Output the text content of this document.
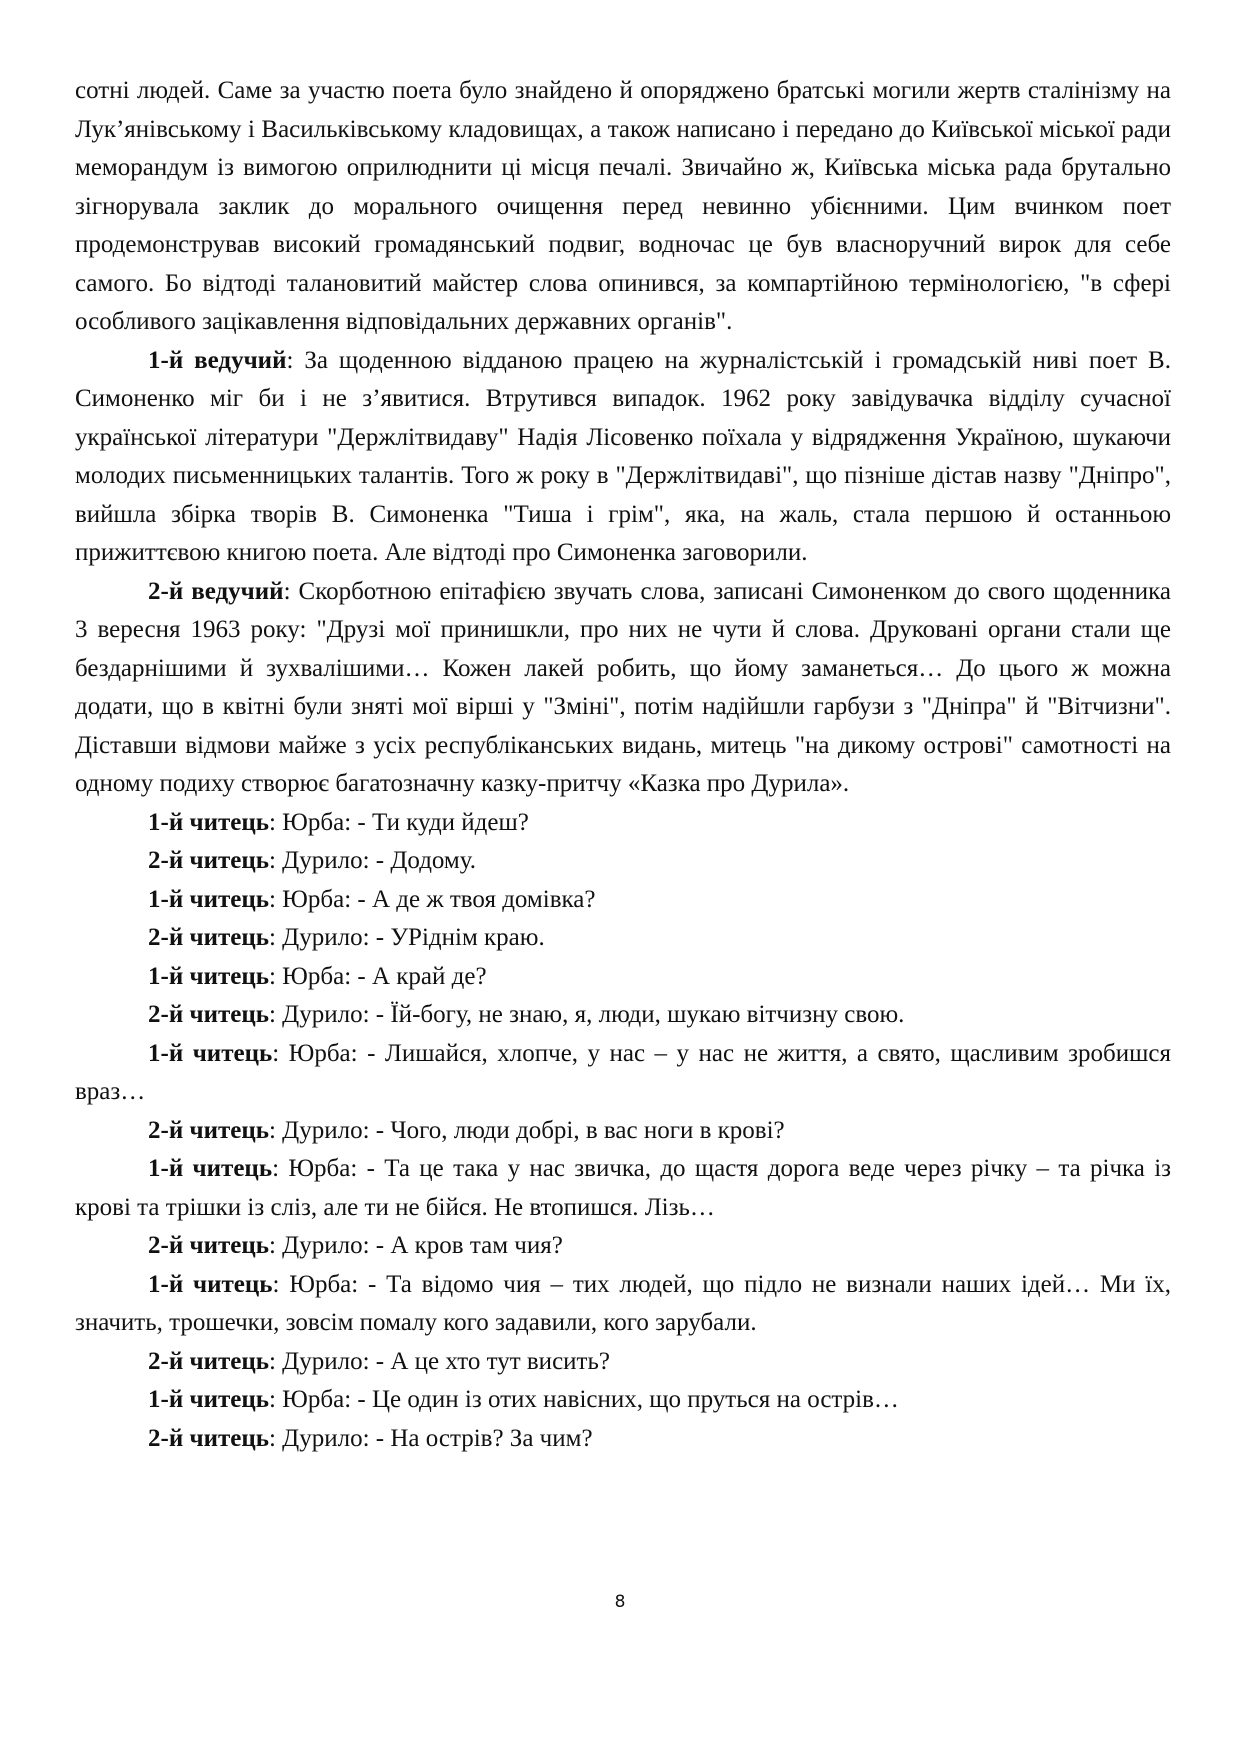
сотні людей. Саме за участю поета було знайдено й опоряджено братські могили жертв сталінізму на Лук’янівському і Васильківському кладовищах, а також написано і передано до Київської міської ради меморандум із вимогою оприлюднити ці місця печалі. Звичайно ж, Київська міська рада брутально зігнорувала заклик до морального очищення перед невинно убієнними. Цим вчинком поет продемонстрував високий громадянський подвиг, водночас це був власноручний вирок для себе самого. Бо відтоді талановитий майстер слова опинився, за компартійною термінологією, "в сфері особливого зацікавлення відповідальних державних органів".

1-й ведучий: За щоденною відданою працею на журналістській і громадській ниві поет В. Симоненко міг би і не з’явитися. Втрутився випадок. 1962 року завідувачка відділу сучасної української літератури "Держлітвидаву" Надія Лісовенко поїхала у відрядження Україною, шукаючи молодих письменницьких талантів. Того ж року в "Держлітвидаві", що пізніше дістав назву "Дніпро", вийшла збірка творів В. Симоненка "Тиша і грім", яка, на жаль, стала першою й останньою прижиттєвою книгою поета. Але відтоді про Симоненка заговорили.

2-й ведучий: Скорботною епітафією звучать слова, записані Симоненком до свого щоденника 3 вересня 1963 року: "Друзі мої принишкли, про них не чути й слова. Друковані органи стали ще бездарнішими й зухвалішими… Кожен лакей робить, що йому заманеться… До цього ж можна додати, що в квітні були зняті мої вірші у "Зміні", потім надійшли гарбузи з "Дніпра" й "Вітчизни". Діставши відмови майже з усіх республіканських видань, митець "на дикому острові" самотності на одному подиху створює багатозначну казку-притчу «Казка про Дурила».

1-й читець: Юрба: - Ти куди йдеш?

2-й читець: Дурило: - Додому.

1-й читець: Юрба: - А де ж твоя домівка?

2-й читець: Дурило: - УРіднім краю.

1-й читець: Юрба: - А край де?

2-й читець: Дурило: - Їй-богу, не знаю, я, люди, шукаю вітчизну свою.

1-й читець: Юрба: - Лишайся, хлопче, у нас – у нас не життя, а свято, щасливим зробишся враз…

2-й читець: Дурило: - Чого, люди добрі, в вас ноги в крові?

1-й читець: Юрба: - Та це така у нас звичка, до щастя дорога веде через річку – та річка із крові та трішки із сліз, але ти не бійся. Не втопишся. Лізь…

2-й читець: Дурило: - А кров там чия?

1-й читець: Юрба: - Та відомо чия – тих людей, що підло не визнали наших ідей… Ми їх, значить, трошечки, зовсім помалу кого задавили, кого зарубали.

2-й читець: Дурило: - А це хто тут висить?

1-й читець: Юрба: - Це один із отих навісних, що пруться на острів…

2-й читець: Дурило: - На острів? За чим?

8
